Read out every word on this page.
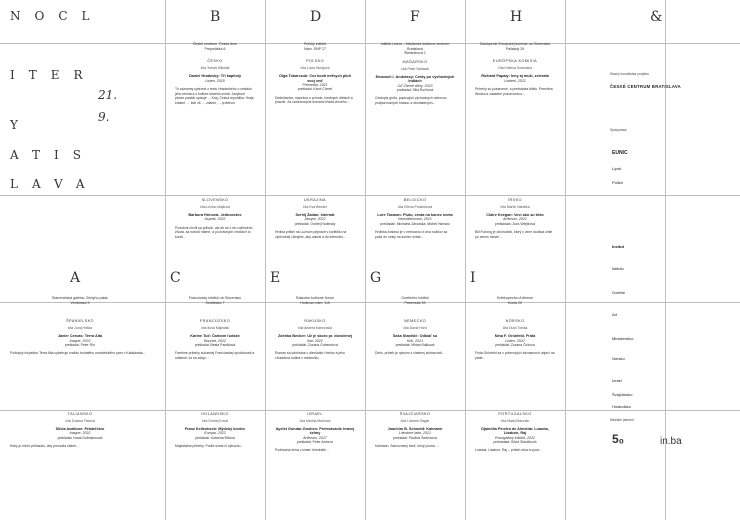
NOCL
ITER
21.
Y
9.
ATIS
LAVA
B	D	F	H	&
České centrum, Česká dom
Prepoštská 6
ČESKO
číta Tomáš Mikoláš
Daniel Hradecký: Tři kapitoly
Listen, 2020
Tri záznamy vybrané z textu Hradeckého o cestách jeho mesta a o kultúre starého sveta. Jazykom plnom pasáží opisuje ... Kraj, Česká republika. Hraje krásné, ... kde žil, ... zdanie, ... príbehov.
Poľský inštitút
Nám. SNP 27
POĽSKO
číta Lucia Hurajová
Olga Tokarczuk: Cez kosti mŕtvych pluh svoj veď
Premedia, 2021
prekladal: Karol Chmel
Dedinčanka, rozpráva o prírode, trestných dielach a pravde. Za zamrznutými dverami hľadá vinného...
Inštitút Liszta – Maďarské kultúrne centrum Bratislava
Štefánikova 1
MAĎARSKO
číta Peter Nádasdi
Emanuel I. Andrássy: Cesty po východných Indiách
OZ Čierne diery, 2023
prekladal: Silia Rožňová
Cestopis grófa, popisujúci východných ostrovov, podporovaných krásou a obohatených...
Zastúpenie Európskej komisie na Slovensku
Palisády 29
EURÓPSKA KOMISIA
číta Kristína Svarinská
Richard Papaly: Ieny aj muži, zvieratá
Lindeni, 2022
Príbehy sú postavené, a predstavia bibliu. Premiéra Wodza a zásadne pozornostou...
SLOVENSKO
číta Lenka Litajková
Barbora Hrínová: Jednorožec
Aspekt, 2022
Podobné chvíli sa prihodí, ale ak sa z ich rodinného života, sa narodí mame, a po krásnych chvíľach to končí...
UKRAJINA
číta Eva Bender
Serhij Žadan: Internát
Absynt, 2022
prekladal: Ondrej Hudinský
Hrdina prišiel na Lužnom pripravit v konfliktu na východnej Ukrajine, aby zabral a do internátu...
BELGICKO
číta Eliena Podzinková
Lore Tasman: Pluto, cesta na konec sveta
Nezoblekovaní, 2021
prekladali: Michaela Zárodská, Michel Hamalo
Hrdinka Antonia je v nemocnicí a dva rodičov sa pustí do cesty na koniec sveta...
ÍRSKO
číta Martin Nahálka
Claire Keegan: Veci ako sú tieto
Artforum, 2021
prekladala: Zora Wiejtková
Bill Furlong je obchodník, ktorý v zime dodáva uhlie po celom meste...
A	C	E	G	I
Starometská galéria, Zichyho palác
Ventúrska 9
ŠPANIELSKO
číta Juraj Hriška
Javier Cercas: Terra Alta
Inaque, 2022
prekladal: Peter Rúr
Policajný inšpektor Terra Alta vyšetruje vraždu bohatého manželského páru v Katalánsku...
Francúzsky inštitút na Slovensku
Sedlárska 7
FRANCÚZSKO
číta Ilona Majiniaki
Karine Tuil: Čarbom ľudské
Bourart, 2022
prekladal: Beata Pandková
Farebné príbehy súčasnej Francúzskej spoločnosti a udalosti, čo sa zdajú...
Rakúske kultúrne fórum
Hodžovo nám. 1/A
RAKÚSKO
číta Andrea Karnovská
Zdenka Becker: Už je skoro pr. dovolenej
Ikar, 2022
prekladal: Zuzana Gubendová
Román sa odohráva v dievčatku Hrehor a jeho chudobná rodina v mestečku...
Goetheho inštitút
Panenská 33
NEMECKO
číta David Hord
Saša Stanišić: Odkiaľ sú
Krik, 2021
prekladal: Miriam Balková
Dielo, príbeh je opisom z vlastnej skúsenosti...
Knihkupectvo Artforum
Kozia 20
NÓRSKO
číta Dusil Tobiás
Nina F. Grünfeld, Frida
Listen, 2022
prekladal: Zuzana Čírkova
Frida Grünfeld sa v pohrnutých záznamoch objaví na páde...
TALIANSKO
číta Zuzana Fialová
Silvia Avallone: Priateľstvo
Inaque, 2022
prekladal: Ivana Dobrakovová
Keby ju niečo prikázalo, aby prevzala vášeň...
HOLANDSKO
číta Ondrej Kovaľ
Franz Kellenbeck: Mýtický koniec
Europa, 2022
prekladal: Katarína Bíliová
Majestátne príbehy. Podľa sveta či výbuchu...
IZRAEL
číta Marina Marková
Ayelet Gundar-Goshen: Pretrvávanie hravej šelmy
Artforum, 2017
prekladal: Peter Ambroz
Podriadná žena v izrael. kriminále...
ŠVAJČIARSKO
číta Lubomír Bagár
Joachim B. Schmidt: Kalmann
Literárne lado, 2021
prekladal: Paulína Šedivcová
Kalmann. Samozvaný šerif, ktorý pozná ...
PORTUGALSKO
číta Matej Manzián
Djaimilia Pereira de Almeida: Luanda, Lisabon, Raj
Portugalský inštitút, 2022
prekladala: Silvia Slaničková
Luanda, Lisabon, Raj – príbeh otca a syna...
Hlavný koordinátor projektu
ČESKÉ CENTRUM BRATISLAVA
Spolupráca:
EUNIC
Lipsk
Polish
Insitut
Istituto
Goethe
Art
Ministerstvo
Nórsko
Izrael
Švajčiarsko
Holandsko
Mediálni partneri:
5₀	in.ba
